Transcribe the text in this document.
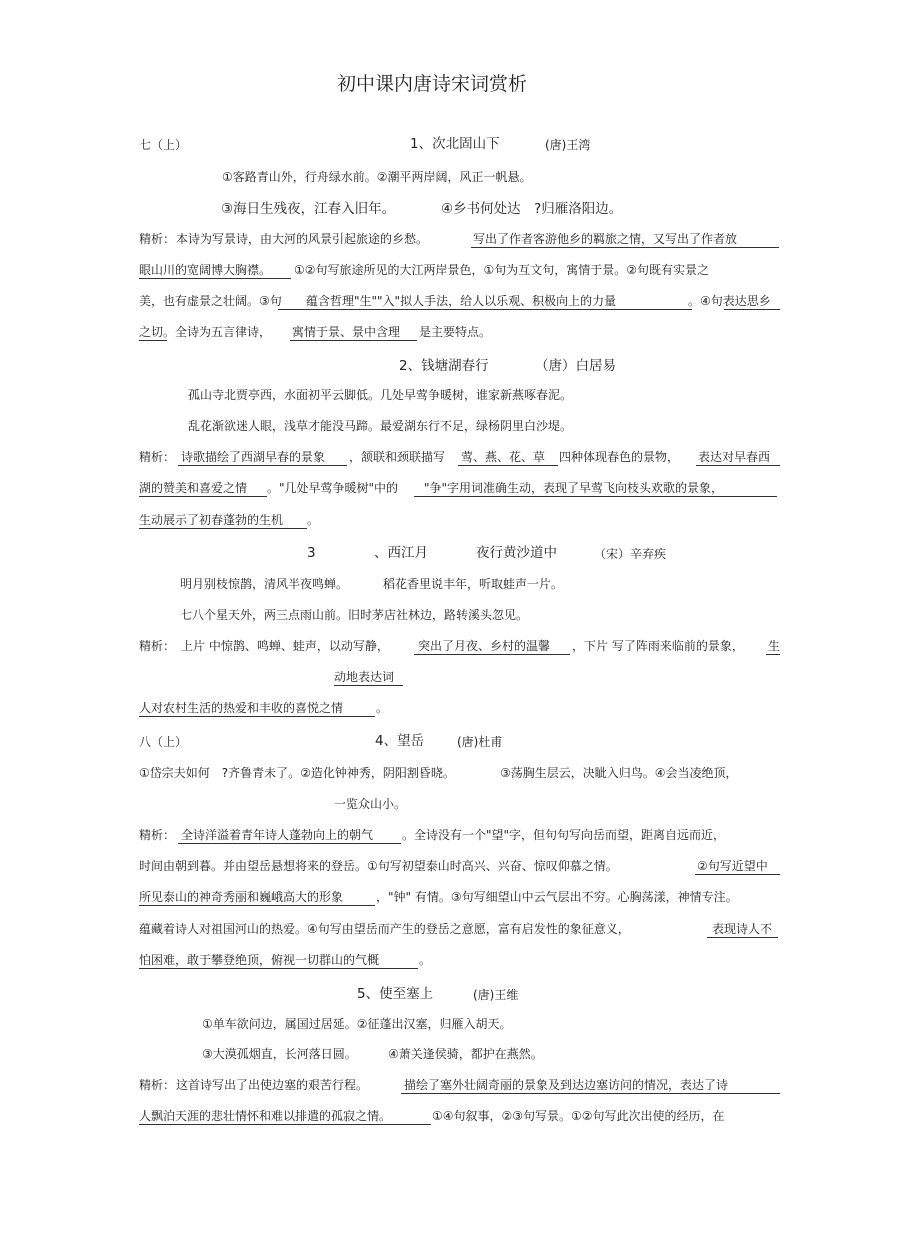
初中课内唐诗宋词赏析
七（上）	1、次北固山下	(唐)王湾
①客路青山外，行舟绿水前。②潮平两岸阔，风正一帆悬。
③海日生残夜，江春入旧年。	④乡书何处达　?归雁洛阳边。
精析： 本诗为写景诗，由大河的风景引起旅途的乡愁。	写出了作者客游他乡的羁旅之情，又写出了作者放
眼山川的宽阔博大胸襟。 ①②句写旅途所见的大江两岸景色，①句为互文句，寓情于景。②句既有实景之
美，也有虚景之壮阔。③句 蕴含哲理"生""入"拟人手法，给人以乐观、积极向上的力量	。④句表达思乡
之切。全诗为五言律诗， 寓情于景、景中含理 是主要特点。
2、钱塘湖春行	（唐）白居易
孤山寺北贾亭西，水面初平云脚低。几处早莺争暖树，谁家新燕啄春泥。
乱花渐欲迷人眼，浅草才能没马蹄。最爱湖东行不足，绿杨阴里白沙堤。
精析： 诗歌描绘了西湖早春的景象 ，颔联和颈联描写 莺、燕、花、草 四种体现春色的景物， 表达对早春西
湖的赞美和喜爱之情 。"几处早莺争暖树"中的 "争"字用词准确生动，表现了早莺飞向枝头欢歌的景象，
生动展示了初春蓬勃的生机 。
3	、西江月	夜行黄沙道中	（宋）辛弃疾
明月别枝惊鹊，清风半夜鸣蝉。	稻花香里说丰年，听取蛙声一片。
七八个星天外，两三点雨山前。旧时茅店社林边，路转溪头忽见。
精析： 上片 中惊鹊、鸣蝉、蛙声，以动写静， 突出了月夜、乡村的温馨 ，下片 写了阵雨来临前的景象， 生
动地表达词
人对农村生活的热爱和丰收的喜悦之情	。
八（上）	4、望岳	(唐)杜甫
①岱宗夫如何　?齐鲁青未了。②造化钟神秀，阴阳割昏晓。	③荡胸生层云，决眦入归鸟。④会当凌绝顶，
一览众山小。
精析： 全诗洋溢着青年诗人蓬勃向上的朝气 。全诗没有一个"望"字，但句句写向岳而望，距离自远而近，
时间由朝到暮。并由望岳悬想将来的登岳。①句写初望泰山时高兴、兴奋、惊叹仰慕之情。	②句写近望中
所见泰山的神奇秀丽和巍峨高大的形象	，"钟" 有情。③句写细望山中云气层出不穷。心胸荡漾，神情专注。
蕴藏着诗人对祖国河山的热爱。④句写由望岳而产生的登岳之意愿，富有启发性的象征意义，	表现诗人不
怕困难，敢于攀登绝顶，俯视一切群山的气概	。
5、使至塞上	(唐)王维
①单车欲问边，属国过居延。②征蓬出汉塞，归雁入胡天。
③大漠孤烟直，长河落日圆。	④萧关逢侯骑，都护在燕然。
精析： 这首诗写出了出使边塞的艰苦行程。	描绘了塞外壮阔奇丽的景象及到达边塞访问的情况，表达了诗
人飘泊天涯的悲壮情怀和难以排遣的孤寂之情。	①④句叙事，②③句写景。①②句写此次出使的经历，在
